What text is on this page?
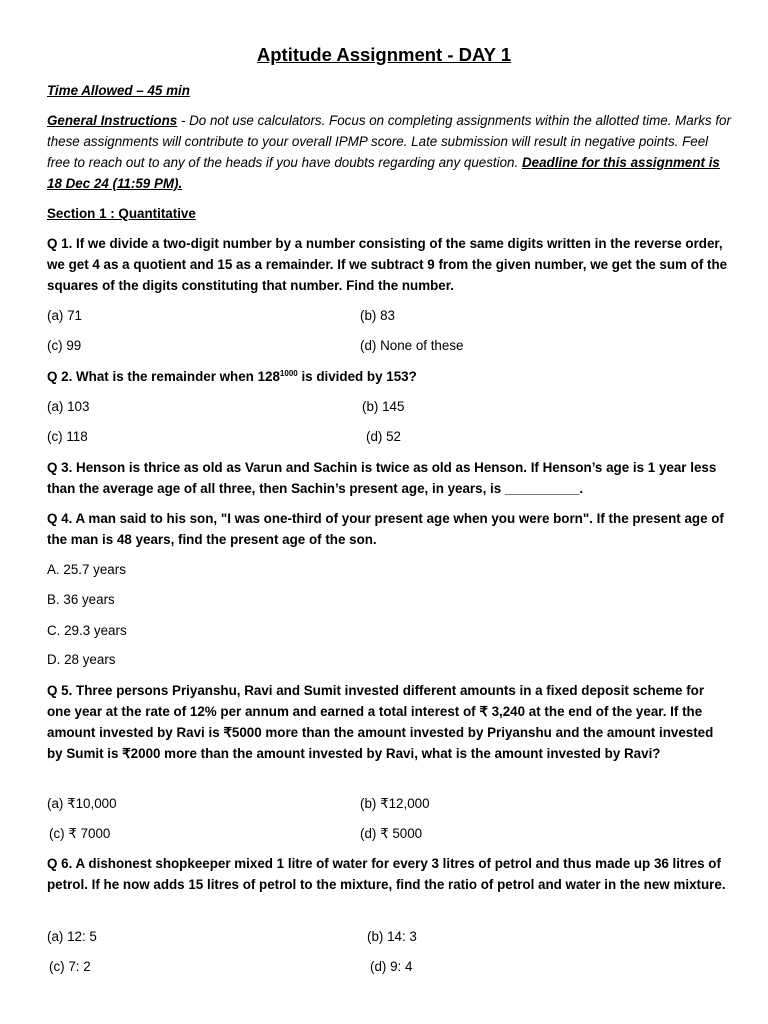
Aptitude Assignment - DAY 1

Time Allowed – 45 min

General Instructions - Do not use calculators. Focus on completing assignments within the allotted time. Marks for these assignments will contribute to your overall IPMP score. Late submission will result in negative points. Feel free to reach out to any of the heads if you have doubts regarding any question. Deadline for this assignment is 18 Dec 24 (11:59 PM).

Section 1 : Quantitative

Q 1. If we divide a two-digit number by a number consisting of the same digits written in the reverse order, we get 4 as a quotient and 15 as a remainder. If we subtract 9 from the given number, we get the sum of the squares of the digits constituting that number. Find the number.

(a) 71	(b) 83

(c) 99	(d) None of these

Q 2. What is the remainder when $128^{1000}$ is divided by 153?

(a) 103	(b) 145

(c) 118	(d) 52

Q 3. Henson is thrice as old as Varun and Sachin is twice as old as Henson. If Henson’s age is 1 year less than the average age of all three, then Sachin’s present age, in years, is __________.

Q 4. A man said to his son, "I was one-third of your present age when you were born". If the present age of the man is 48 years, find the present age of the son.

A. 25.7 years

B. 36 years

C. 29.3 years

D. 28 years

Q 5. Three persons Priyanshu, Ravi and Sumit invested different amounts in a fixed deposit scheme for one year at the rate of 12% per annum and earned a total interest of ₹ 3,240 at the end of the year. If the amount invested by Ravi is ₹5000 more than the amount invested by Priyanshu and the amount invested by Sumit is ₹2000 more than the amount invested by Ravi, what is the amount invested by Ravi?

(a) ₹10,000	(b) ₹12,000

(c) ₹ 7000	(d) ₹ 5000

Q 6. A dishonest shopkeeper mixed 1 litre of water for every 3 litres of petrol and thus made up 36 litres of petrol. If he now adds 15 litres of petrol to the mixture, find the ratio of petrol and water in the new mixture.

(a) 12: 5	(b) 14: 3

(c) 7: 2	(d) 9: 4
